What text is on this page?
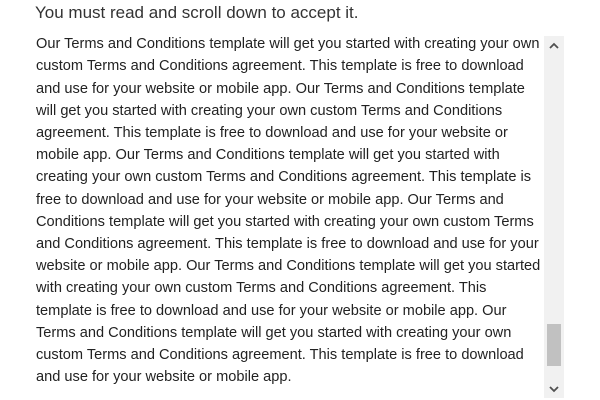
You must read and scroll down to accept it.

Our Terms and Conditions template will get you started with creating your own custom Terms and Conditions agreement. This template is free to download and use for your website or mobile app. Our Terms and Conditions template will get you started with creating your own custom Terms and Conditions agreement. This template is free to download and use for your website or mobile app. Our Terms and Conditions template will get you started with creating your own custom Terms and Conditions agreement. This template is free to download and use for your website or mobile app. Our Terms and Conditions template will get you started with creating your own custom Terms and Conditions agreement. This template is free to download and use for your website or mobile app. Our Terms and Conditions template will get you started with creating your own custom Terms and Conditions agreement. This template is free to download and use for your website or mobile app. Our Terms and Conditions template will get you started with creating your own custom Terms and Conditions agreement. This template is free to download and use for your website or mobile app.
